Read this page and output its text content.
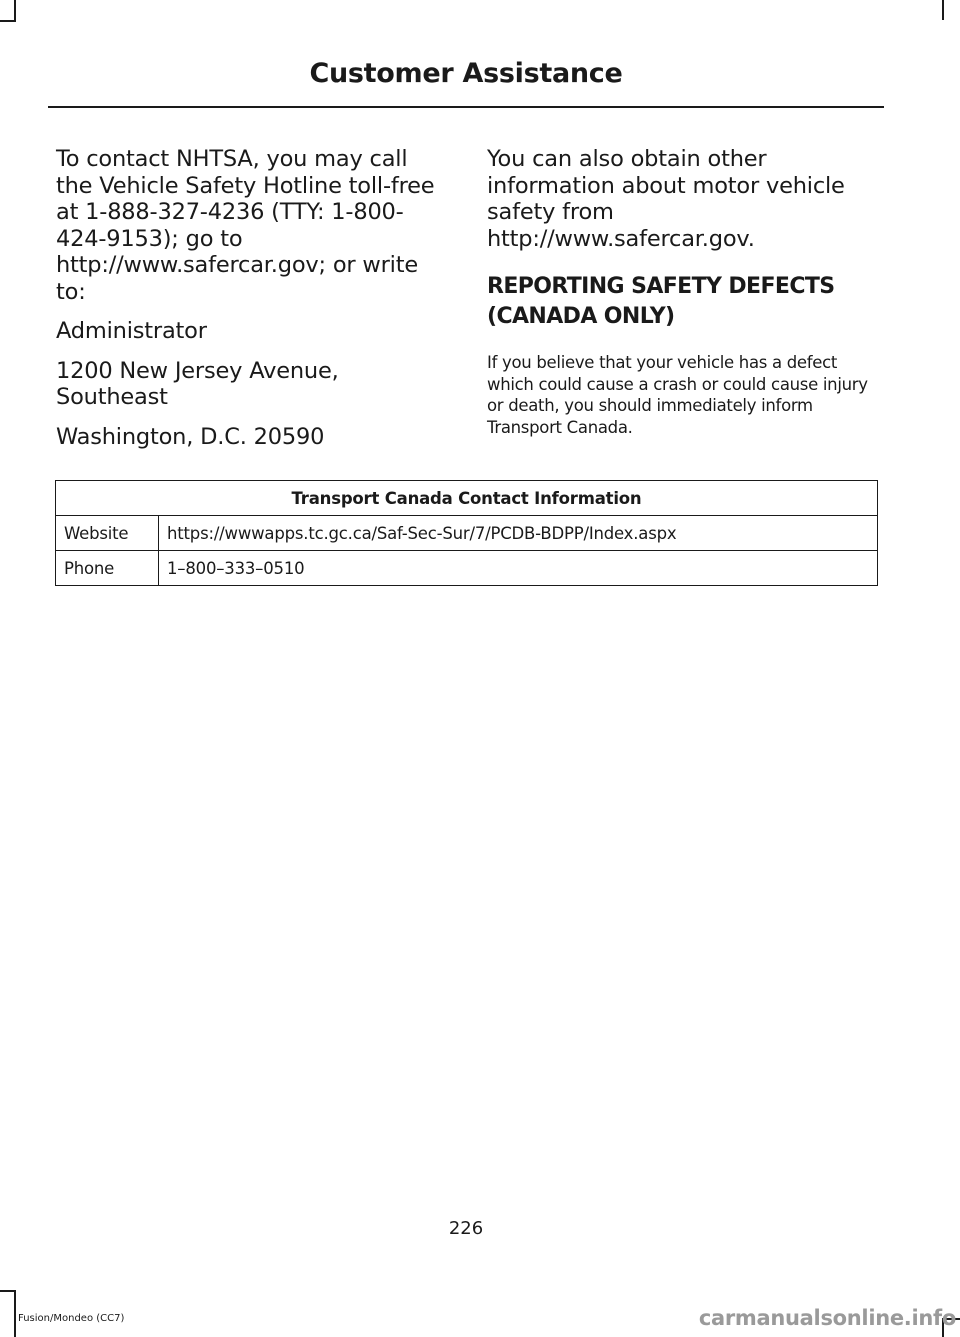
Customer Assistance

To contact NHTSA, you may call the Vehicle Safety Hotline toll-free at 1-888-327-4236 (TTY: 1-800-424-9153); go to http://www.safercar.gov; or write to:

Administrator

1200 New Jersey Avenue, Southeast

Washington, D.C. 20590

You can also obtain other information about motor vehicle safety from http://www.safercar.gov.

REPORTING SAFETY DEFECTS (CANADA ONLY)

If you believe that your vehicle has a defect which could cause a crash or could cause injury or death, you should immediately inform Transport Canada.

Transport Canada Contact Information	
Website	https://wwwapps.tc.gc.ca/Saf-Sec-Sur/7/PCDB-BDPP/Index.aspx
Phone	1–800–333–0510
226
Fusion/Mondeo (CC7)	carmanualsonline.info
